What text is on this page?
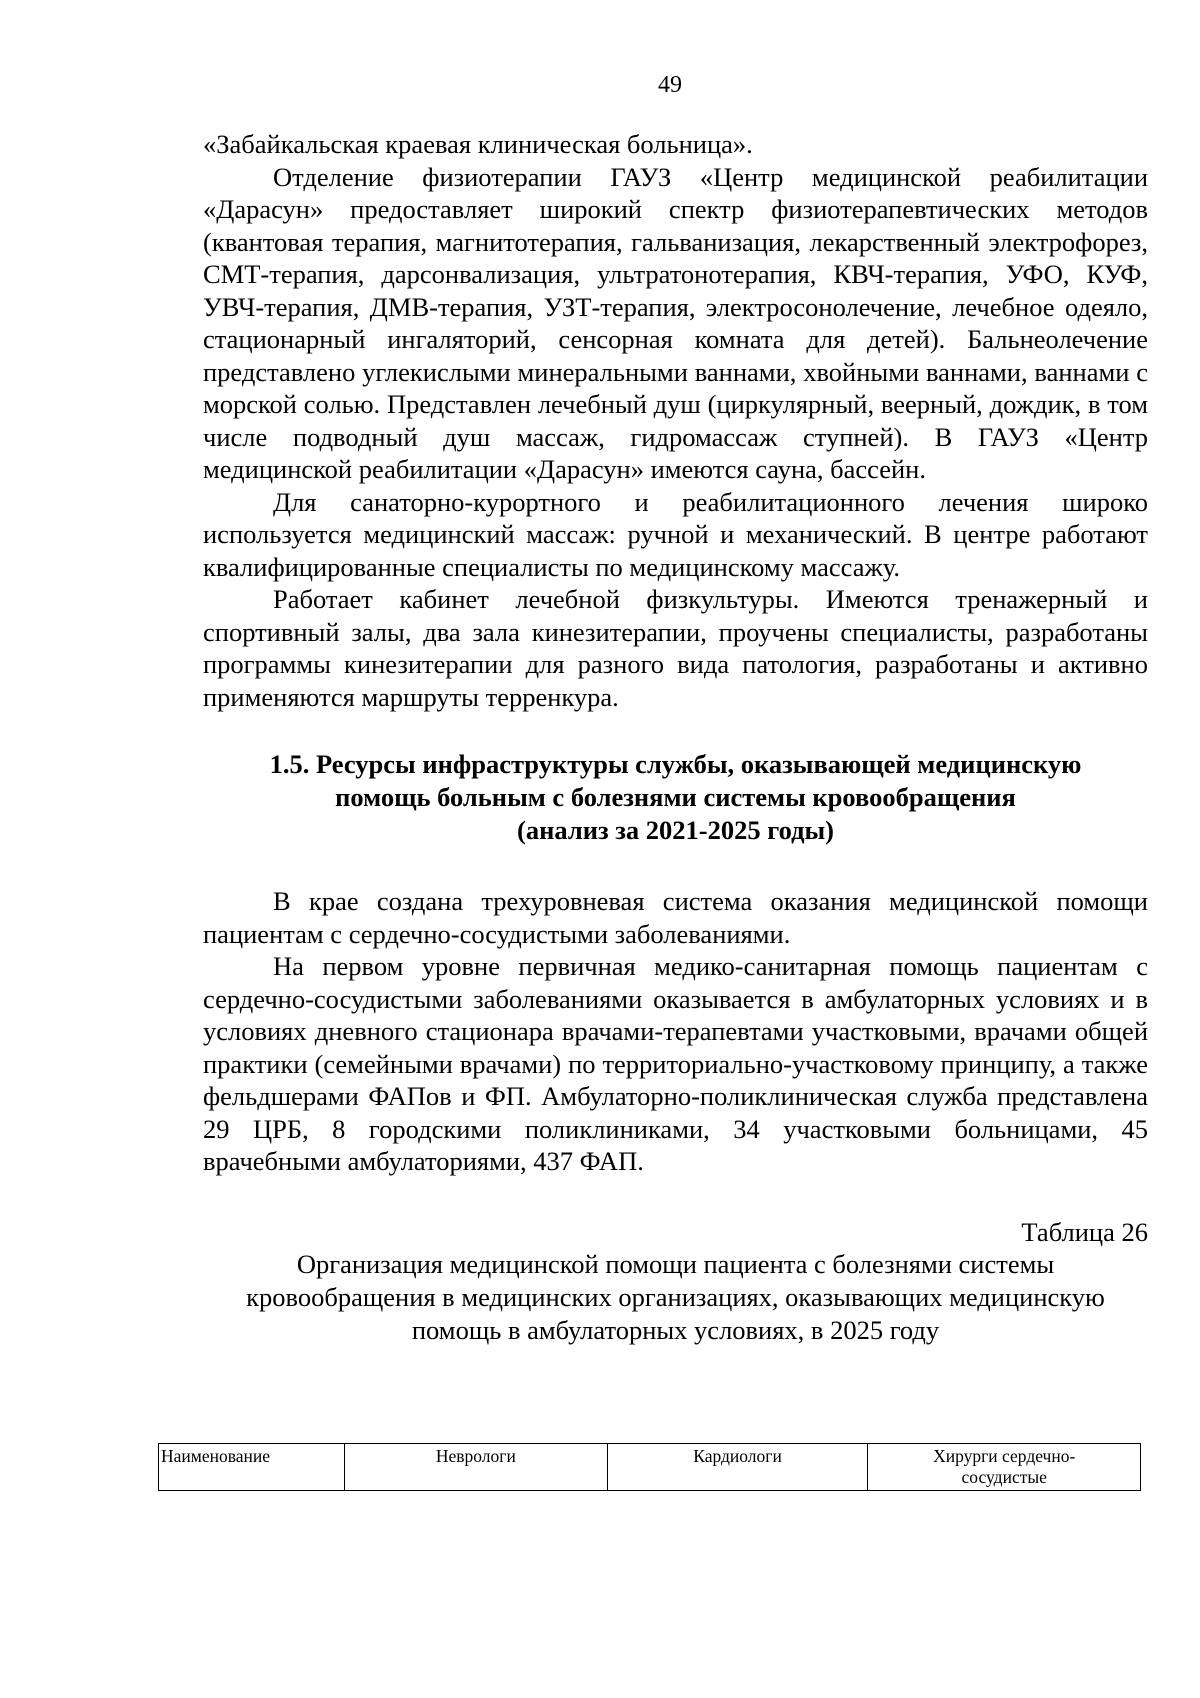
49

«Забайкальская краевая клиническая больница».

Отделение физиотерапии ГАУЗ «Центр медицинской реабилитации «Дарасун» предоставляет широкий спектр физиотерапевтических методов (квантовая терапия, магнитотерапия, гальванизация, лекарственный электрофорез, СМТ-терапия, дарсонвализация, ультратонотерапия, КВЧ-терапия, УФО, КУФ, УВЧ-терапия, ДМВ-терапия, УЗТ-терапия, электросонолечение, лечебное одеяло, стационарный ингаляторий, сенсорная комната для детей). Бальнеолечение представлено углекислыми минеральными ваннами, хвойными ваннами, ваннами с морской солью. Представлен лечебный душ (циркулярный, веерный, дождик, в том числе подводный душ массаж, гидромассаж ступней). В ГАУЗ «Центр медицинской реабилитации «Дарасун» имеются сауна, бассейн.

Для санаторно-курортного и реабилитационного лечения широко используется медицинский массаж: ручной и механический. В центре работают квалифицированные специалисты по медицинскому массажу.

Работает кабинет лечебной физкультуры. Имеются тренажерный и спортивный залы, два зала кинезитерапии, проучены специалисты, разработаны программы кинезитерапии для разного вида патология, разработаны и активно применяются маршруты терренкура.

1.5. Ресурсы инфраструктуры службы, оказывающей медицинскую
помощь больным с болезнями системы кровообращения
(анализ за 2021-2025 годы)

В крае создана трехуровневая система оказания медицинской помощи пациентам с сердечно-сосудистыми заболеваниями.

На первом уровне первичная медико-санитарная помощь пациентам с сердечно-сосудистыми заболеваниями оказывается в амбулаторных условиях и в условиях дневного стационара врачами-терапевтами участковыми, врачами общей практики (семейными врачами) по территориально-участковому принципу, а также фельдшерами ФАПов и ФП. Амбулаторно-поликлиническая служба представлена 29 ЦРБ, 8 городскими поликлиниками, 34 участковыми больницами, 45 врачебными амбулаториями, 437 ФАП.

Таблица 26

Организация медицинской помощи пациента с болезнями системы
кровообращения в медицинских организациях, оказывающих медицинскую
помощь в амбулаторных условиях, в 2025 году
Наименование	Неврологи	Кардиологи	Хирурги сердечно-
сосудистые
